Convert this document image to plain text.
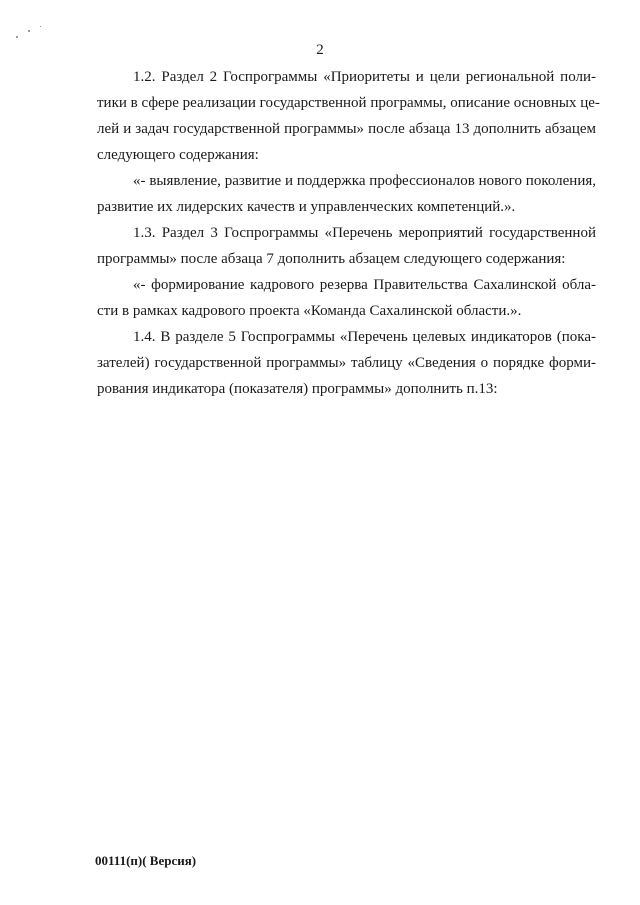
2
1.2. Раздел 2 Госпрограммы «Приоритеты и цели региональной поли-
тики в сфере реализации государственной программы, описание основных це-
лей и задач государственной программы» после абзаца 13 дополнить абзацем
следующего содержания:
«- выявление, развитие и поддержка профессионалов нового поколения,
развитие их лидерских качеств и управленческих компетенций.».
1.3. Раздел 3 Госпрограммы «Перечень мероприятий государственной
программы» после абзаца 7 дополнить абзацем следующего содержания:
«- формирование кадрового резерва Правительства Сахалинской обла-
сти в рамках кадрового проекта «Команда Сахалинской области.».
1.4. В разделе 5 Госпрограммы «Перечень целевых индикаторов (пока-
зателей) государственной программы» таблицу «Сведения о порядке форми-
рования индикатора (показателя) программы» дополнить п.13:
00111(п)( Версия)
